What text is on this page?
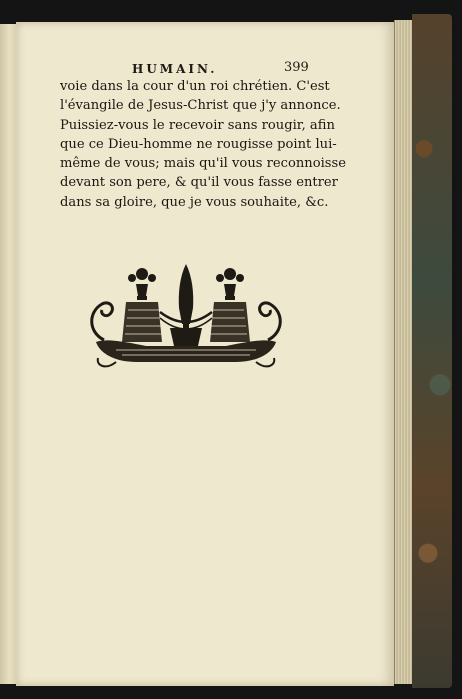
HUMAIN.	399
voie dans la cour d'un roi chrétien. C'est
l'évangile de Jesus-Christ que j'y annonce.
Puissiez-vous le recevoir sans rougir, afin
que ce Dieu-homme ne rougisse point lui-
même de vous; mais qu'il vous reconnoisse
devant son pere, & qu'il vous fasse entrer
dans sa gloire, que je vous souhaite, &c.
